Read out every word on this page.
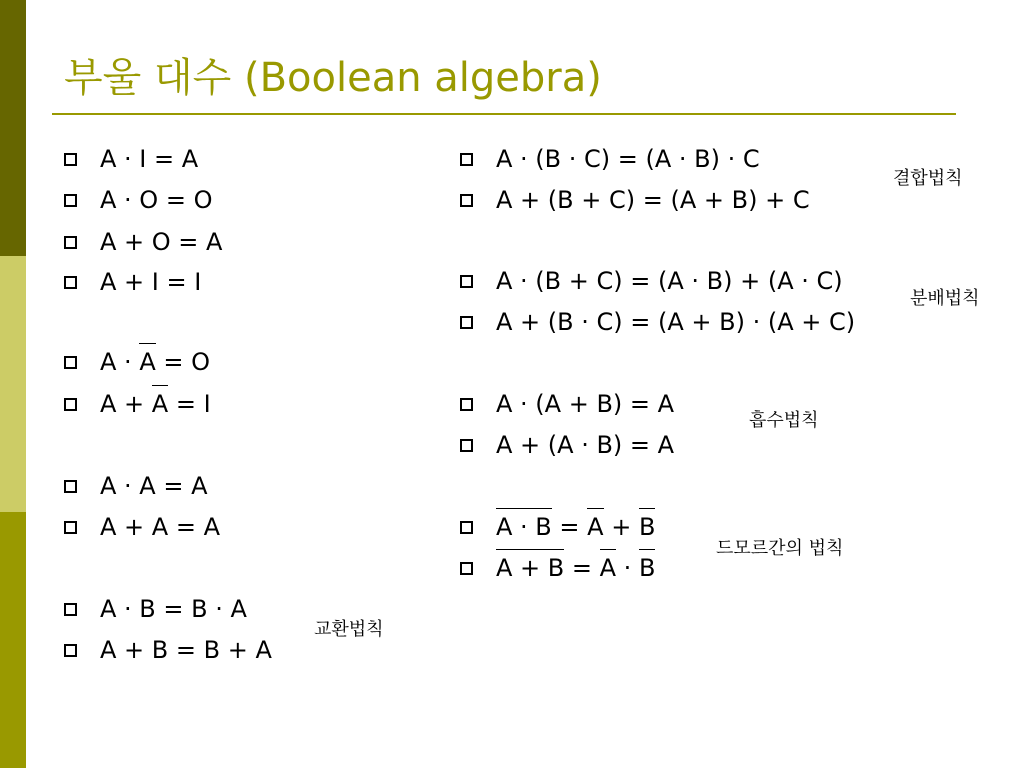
부울 대수 (Boolean algebra)
A · I = A
A · O = O
A + O = A
A + I = I
A · A = O
A + A = I
A · A = A
A + A = A
A · B = B · A
A + B = B + A
교환법칙
A · (B · C) = (A · B) · C
A + (B + C) = (A + B) + C
결합법칙
A · (B + C) = (A · B) + (A · C)
A + (B · C) = (A + B) · (A + C)
분배법칙
A · (A + B) = A
A + (A · B) = A
흡수법칙
A · B = A + B
A + B = A · B
드모르간의 법칙
